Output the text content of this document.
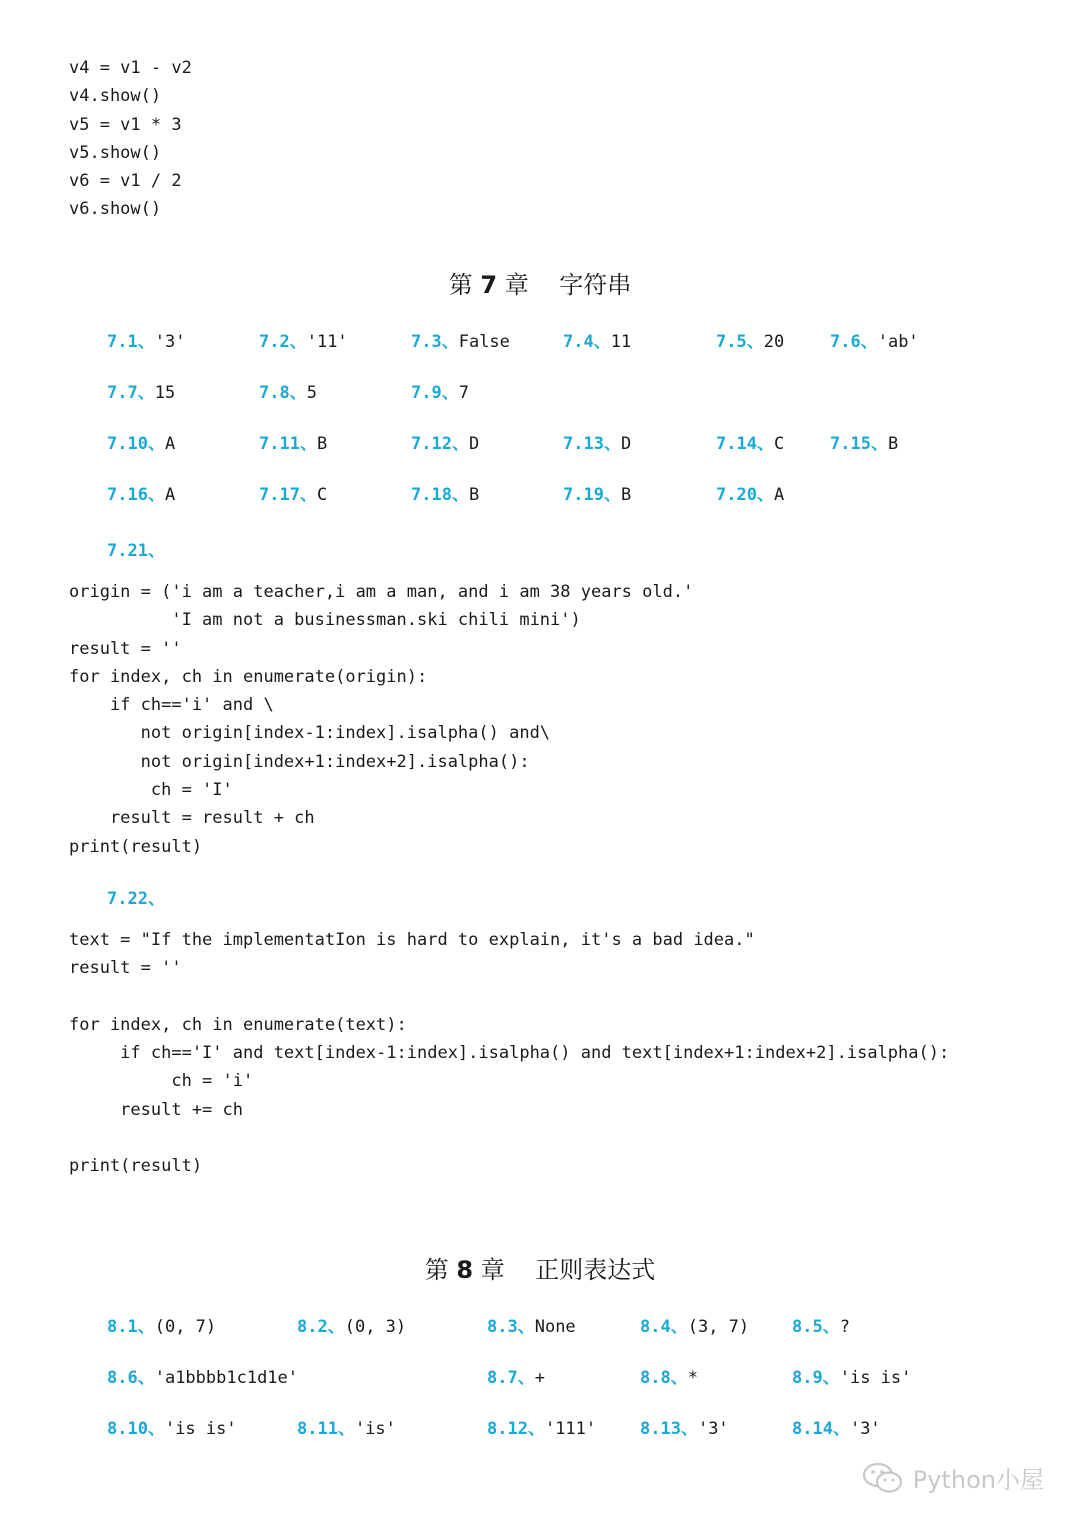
v4 = v1 - v2
v4.show()
v5 = v1 * 3
v5.show()
v6 = v1 / 2
v6.show()
第 7 章 字符串
7.1、'3'	7.2、'11'	7.3、False	7.4、11	7.5、20	7.6、'ab'
7.7、15	7.8、5	7.9、7
7.10、A	7.11、B	7.12、D	7.13、D	7.14、C	7.15、B
7.16、A	7.17、C	7.18、B	7.19、B	7.20、A
7.21、
origin = ('i am a teacher,i am a man, and i am 38 years old.'
'I am not a businessman.ski chili mini')
result = ''
for index, ch in enumerate(origin):
if ch=='i' and \
not origin[index-1:index].isalpha() and\
not origin[index+1:index+2].isalpha():
ch = 'I'
result = result + ch
print(result)
7.22、
text = "If the implementatIon is hard to explain, it's a bad idea."
result = ''

for index, ch in enumerate(text):
if ch=='I' and text[index-1:index].isalpha() and text[index+1:index+2].isalpha():
ch = 'i'
result += ch

print(result)
第 8 章 正则表达式
8.1、(0, 7)	8.2、(0, 3)	8.3、None	8.4、(3, 7)	8.5、?
8.6、'a1bbbb1c1d1e'	8.7、+	8.8、*	8.9、'is is'
8.10、'is is'	8.11、'is'	8.12、'111'	8.13、'3'	8.14、'3'
Python小屋
